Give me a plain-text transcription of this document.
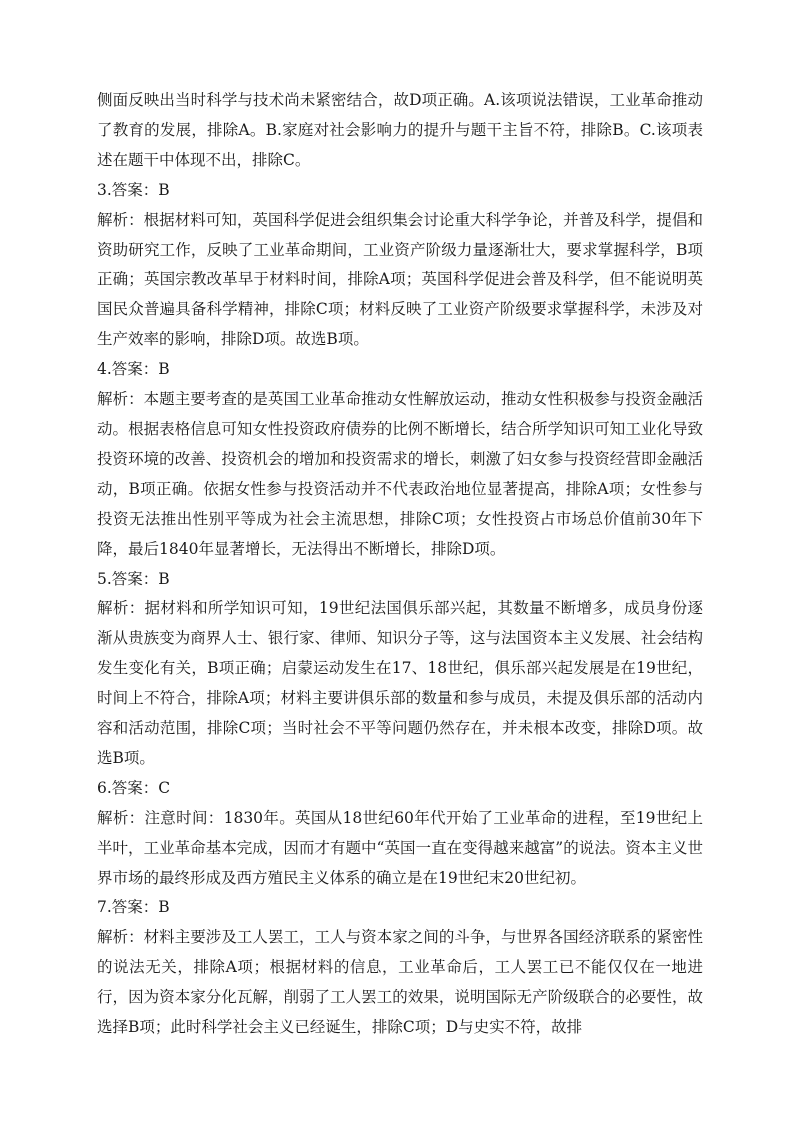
侧面反映出当时科学与技术尚未紧密结合，故D项正确。A.该项说法错误，工业革命推动了教育的发展，排除A。B.家庭对社会影响力的提升与题干主旨不符，排除B。C.该项表述在题干中体现不出，排除C。

3.答案：B

解析：根据材料可知，英国科学促进会组织集会讨论重大科学争论，并普及科学，提倡和资助研究工作，反映了工业革命期间，工业资产阶级力量逐渐壮大，要求掌握科学，B项正确；英国宗教改革早于材料时间，排除A项；英国科学促进会普及科学，但不能说明英国民众普遍具备科学精神，排除C项；材料反映了工业资产阶级要求掌握科学，未涉及对生产效率的影响，排除D项。故选B项。

4.答案：B

解析：本题主要考查的是英国工业革命推动女性解放运动，推动女性积极参与投资金融活动。根据表格信息可知女性投资政府债券的比例不断增长，结合所学知识可知工业化导致投资环境的改善、投资机会的增加和投资需求的增长，刺激了妇女参与投资经营即金融活动，B项正确。依据女性参与投资活动并不代表政治地位显著提高，排除A项；女性参与投资无法推出性别平等成为社会主流思想，排除C项；女性投资占市场总价值前30年下降，最后1840年显著增长，无法得出不断增长，排除D项。

5.答案：B

解析：据材料和所学知识可知，19世纪法国俱乐部兴起，其数量不断增多，成员身份逐渐从贵族变为商界人士、银行家、律师、知识分子等，这与法国资本主义发展、社会结构发生变化有关，B项正确；启蒙运动发生在17、18世纪，俱乐部兴起发展是在19世纪，时间上不符合，排除A项；材料主要讲俱乐部的数量和参与成员，未提及俱乐部的活动内容和活动范围，排除C项；当时社会不平等问题仍然存在，并未根本改变，排除D项。故选B项。

6.答案：C

解析：注意时间：1830年。英国从18世纪60年代开始了工业革命的进程，至19世纪上半叶，工业革命基本完成，因而才有题中“英国一直在变得越来越富”的说法。资本主义世界市场的最终形成及西方殖民主义体系的确立是在19世纪末20世纪初。

7.答案：B

解析：材料主要涉及工人罢工，工人与资本家之间的斗争，与世界各国经济联系的紧密性的说法无关，排除A项；根据材料的信息，工业革命后，工人罢工已不能仅仅在一地进行，因为资本家分化瓦解，削弱了工人罢工的效果，说明国际无产阶级联合的必要性，故选择B项；此时科学社会主义已经诞生，排除C项；D与史实不符，故排
